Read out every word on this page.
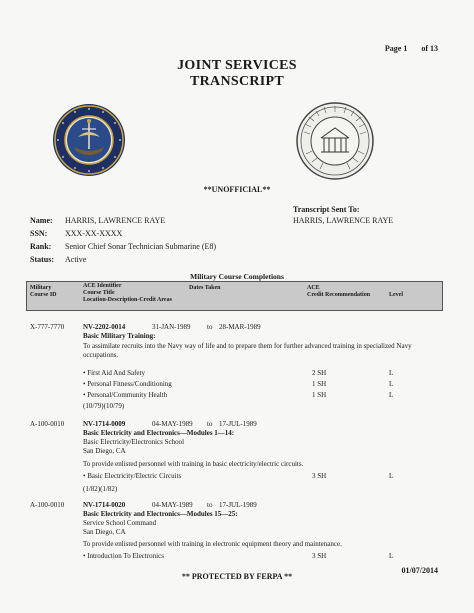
Page 1 of 13
JOINT SERVICES
TRANSCRIPT
**UNOFFICIAL**
Transcript Sent To:
HARRIS, LAWRENCE RAYE
Name: HARRIS, LAWRENCE RAYE
SSN: XXX-XX-XXXX
Rank: Senior Chief Sonar Technician Submarine (E8)
Status: Active
Military Course Completions
Military
Course ID
ACE Identifier
Course Title
Location-Description-Credit Areas
Dates Taken	ACE
Credit Recommendation	Level
X-777-7770	NV-2202-0014	31-JAN-1989 to 28-MAR-1989
Basic Military Training:
To assimilate recruits into the Navy way of life and to prepare them for further advanced training in specialized Navy
occupations.
• First Aid And Safety	2 SH	L
• Personal Fitness/Conditioning	1 SH	L
• Personal/Community Health	1 SH	L
(10/79)(10/79)
A-100-0010	NV-1714-0009	04-MAY-1989 to 17-JUL-1989
Basic Electricity and Electronics—Modules 1—14:
Basic Electricity/Electronics School
San Diego, CA
To provide enlisted personnel with training in basic electricity/electric circuits.
• Basic Electricity/Electric Circuits	3 SH	L
(1/82)(1/82)
A-100-0010	NV-1714-0020	04-MAY-1989 to 17-JUL-1989
Basic Electricity and Electronics—Modules 15—25:
Service School Command
San Diego, CA
To provide enlisted personnel with training in electronic equipment theory and maintenance.
• Introduction To Electronics	3 SH	L
01/07/2014
** PROTECTED BY FERPA **
